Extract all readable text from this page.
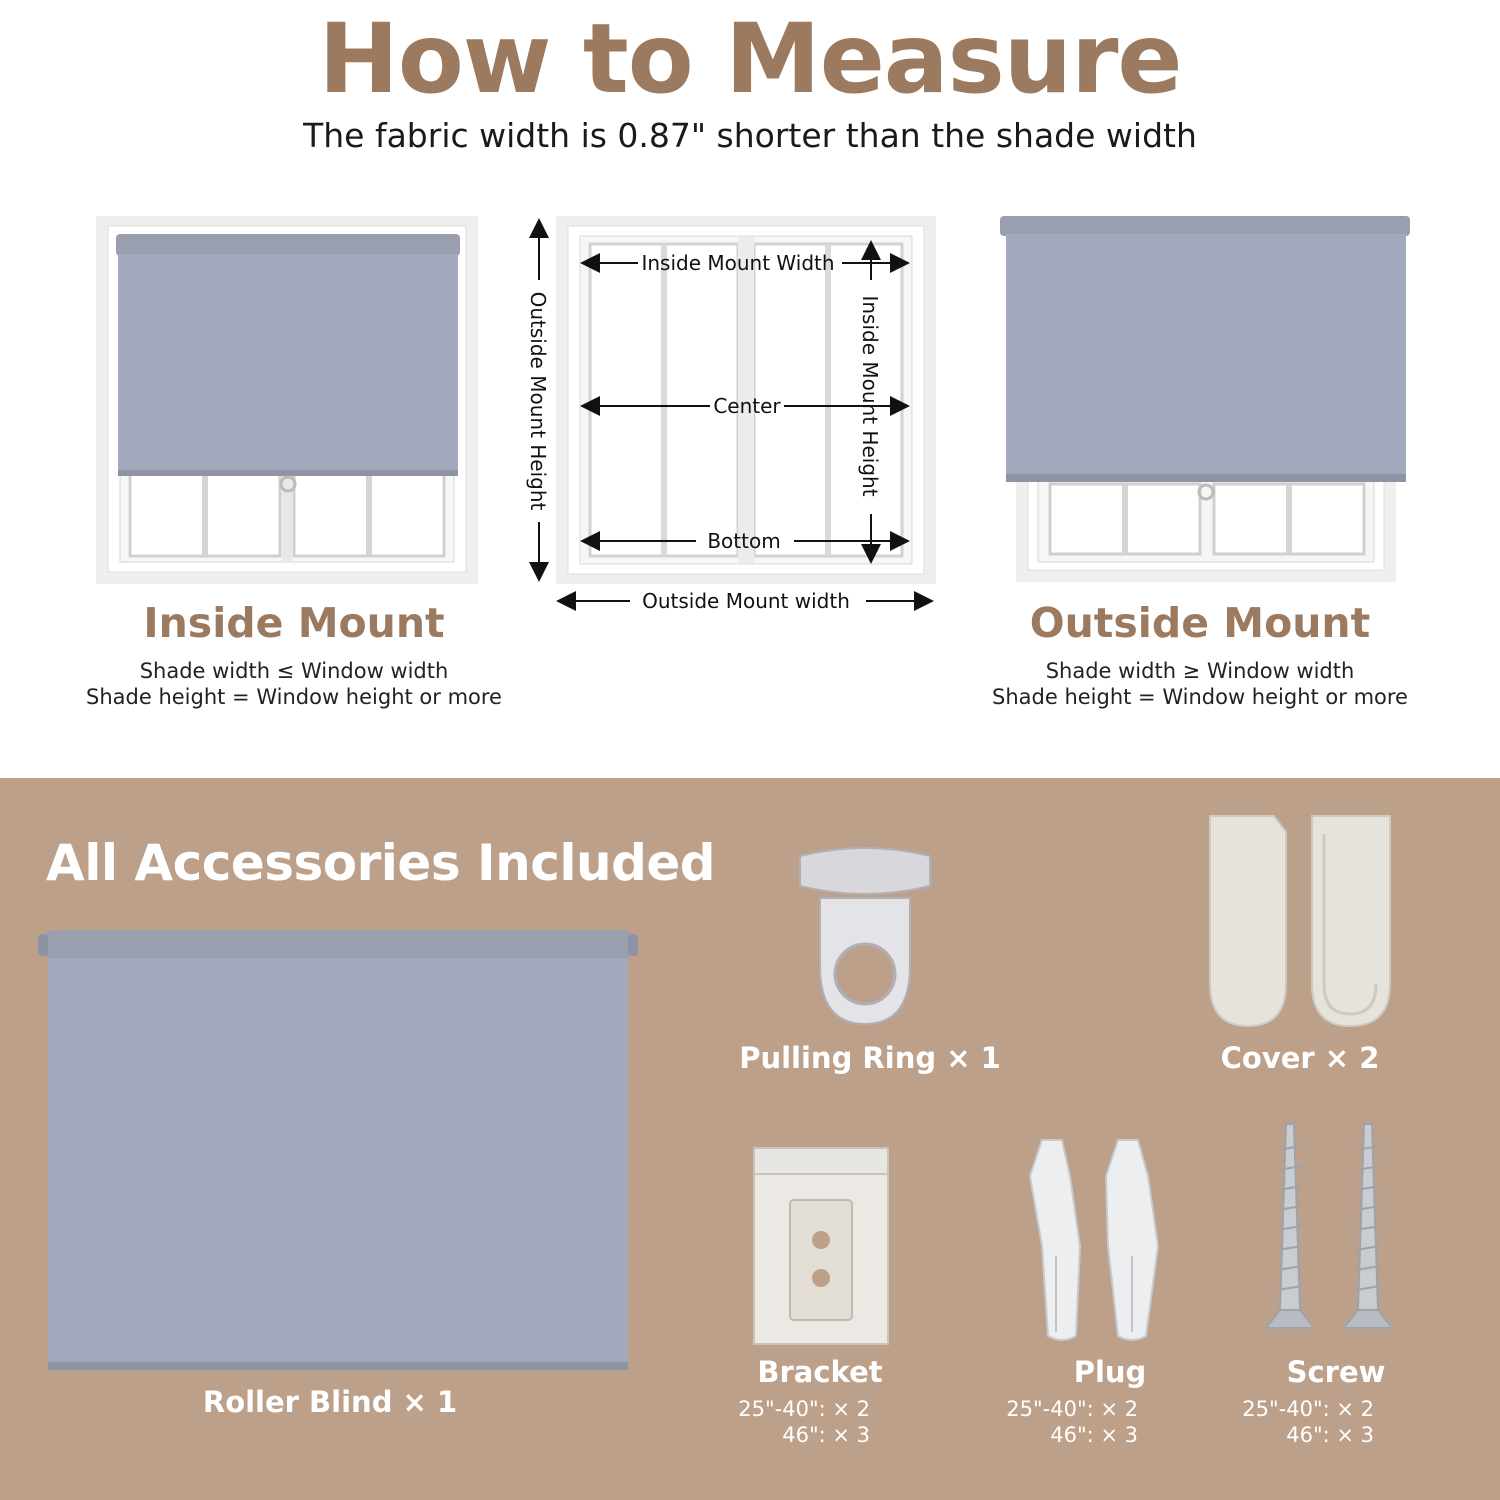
How to Measure
The fabric width is 0.87" shorter than the shade width
Inside Mount Width
Center
Bottom
Outside Mount width
Outside Mount Height	Inside Mount Height
Inside Mount
Shade width ≤ Window width
Shade height = Window height or more
Outside Mount
Shade width ≥ Window width
Shade height = Window height or more
All Accessories Included
Roller Blind × 1
Pulling Ring × 1	Cover × 2
Bracket
25"-40": × 2
46": × 3
Plug
25"-40": × 2
46": × 3
Screw
25"-40": × 2
46": × 3
